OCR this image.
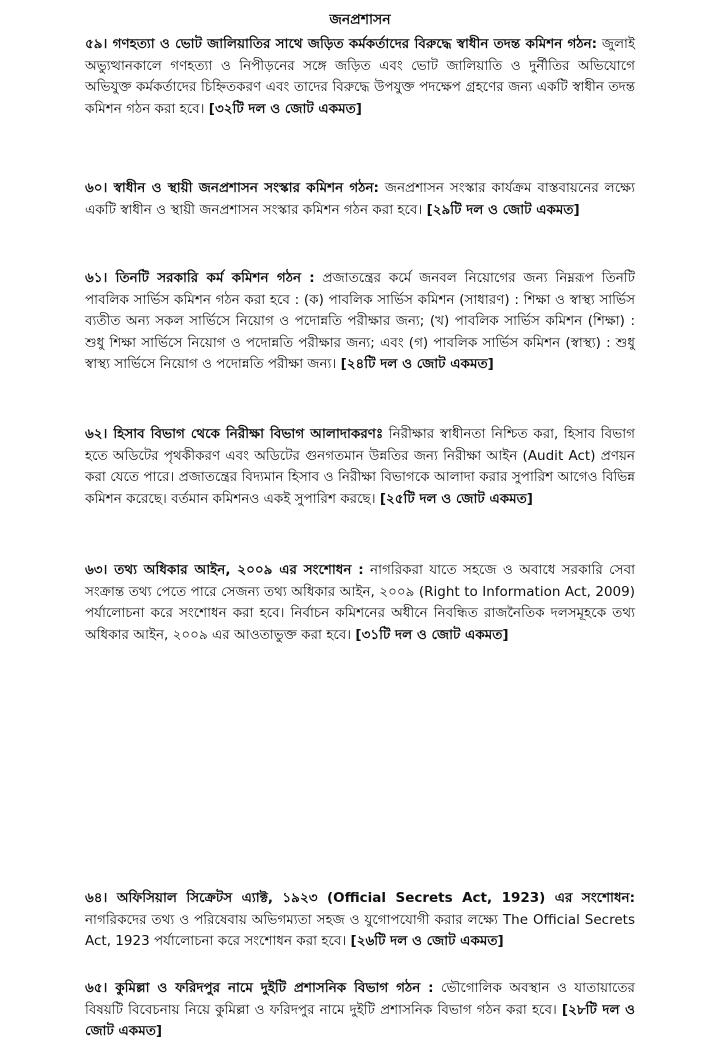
জনপ্রশাসন

৫৯। গণহত্যা ও ভোট জালিয়াতির সাথে জড়িত কর্মকর্তাদের বিরুদ্ধে স্বাধীন তদন্ত কমিশন গঠন: জুলাই অভ্যুত্থানকালে গণহত্যা ও নিপীড়নের সঙ্গে জড়িত এবং ভোট জালিয়াতি ও দুর্নীতির অভিযোগে অভিযুক্ত কর্মকর্তাদের চিহ্নিতকরণ এবং তাদের বিরুদ্ধে উপযুক্ত পদক্ষেপ গ্রহণের জন্য একটি স্বাধীন তদন্ত কমিশন গঠন করা হবে। [৩২টি দল ও জোট একমত]

৬০। স্বাধীন ও স্থায়ী জনপ্রশাসন সংস্কার কমিশন গঠন: জনপ্রশাসন সংস্কার কার্যক্রম বাস্তবায়নের লক্ষ্যে একটি স্বাধীন ও স্থায়ী জনপ্রশাসন সংস্কার কমিশন গঠন করা হবে। [২৯টি দল ও জোট একমত]

৬১। তিনটি সরকারি কর্ম কমিশন গঠন : প্রজাতন্ত্রের কর্মে জনবল নিয়োগের জন্য নিম্নরূপ তিনটি পাবলিক সার্ভিস কমিশন গঠন করা হবে : (ক) পাবলিক সার্ভিস কমিশন (সাধারণ) : শিক্ষা ও স্বাস্থ্য সার্ভিস ব্যতীত অন্য সকল সার্ভিসে নিয়োগ ও পদোন্নতি পরীক্ষার জন্য; (খ) পাবলিক সার্ভিস কমিশন (শিক্ষা) : শুধু শিক্ষা সার্ভিসে নিয়োগ ও পদোন্নতি পরীক্ষার জন্য; এবং (গ) পাবলিক সার্ভিস কমিশন (স্বাস্থ্য) : শুধু স্বাস্থ্য সার্ভিসে নিয়োগ ও পদোন্নতি পরীক্ষা জন্য। [২৪টি দল ও জোট একমত]

৬২। হিসাব বিভাগ থেকে নিরীক্ষা বিভাগ আলাদাকরণঃ নিরীক্ষার স্বাধীনতা নিশ্চিত করা, হিসাব বিভাগ হতে অডিটের পৃথকীকরণ এবং অডিটের গুনগতমান উন্নতির জন্য নিরীক্ষা আইন (Audit Act) প্রণয়ন করা যেতে পারে। প্রজাতন্ত্রের বিদ্যমান হিসাব ও নিরীক্ষা বিভাগকে আলাদা করার সুপারিশ আগেও বিভিন্ন কমিশন করেছে। বর্তমান কমিশনও একই সুপারিশ করছে। [২৫টি দল ও জোট একমত]

৬৩। তথ্য অধিকার আইন, ২০০৯ এর সংশোধন : নাগরিকরা যাতে সহজে ও অবাধে সরকারি সেবা সংক্রান্ত তথ্য পেতে পারে সেজন্য তথ্য অধিকার আইন, ২০০৯ (Right to Information Act, 2009) পর্যালোচনা করে সংশোধন করা হবে। নির্বাচন কমিশনের অধীনে নিবন্ধিত রাজনৈতিক দলসমূহকে তথ্য অধিকার আইন, ২০০৯ এর আওতাভুক্ত করা হবে। [৩১টি দল ও জোট একমত]

৬৪। অফিসিয়াল সিক্রেটস এ্যাক্ট, ১৯২৩ (Official Secrets Act, 1923) এর সংশোধন: নাগরিকদের তথ্য ও পরিষেবায় অভিগম্যতা সহজ ও যুগোপযোগী করার লক্ষ্যে The Official Secrets Act, 1923 পর্যালোচনা করে সংশোধন করা হবে। [২৬টি দল ও জোট একমত]

৬৫। কুমিল্লা ও ফরিদপুর নামে দুইটি প্রশাসনিক বিভাগ গঠন : ভৌগোলিক অবস্থান ও যাতায়াতের বিষয়টি বিবেচনায় নিয়ে কুমিল্লা ও ফরিদপুর নামে দুইটি প্রশাসনিক বিভাগ গঠন করা হবে। [২৮টি দল ও জোট একমত]
